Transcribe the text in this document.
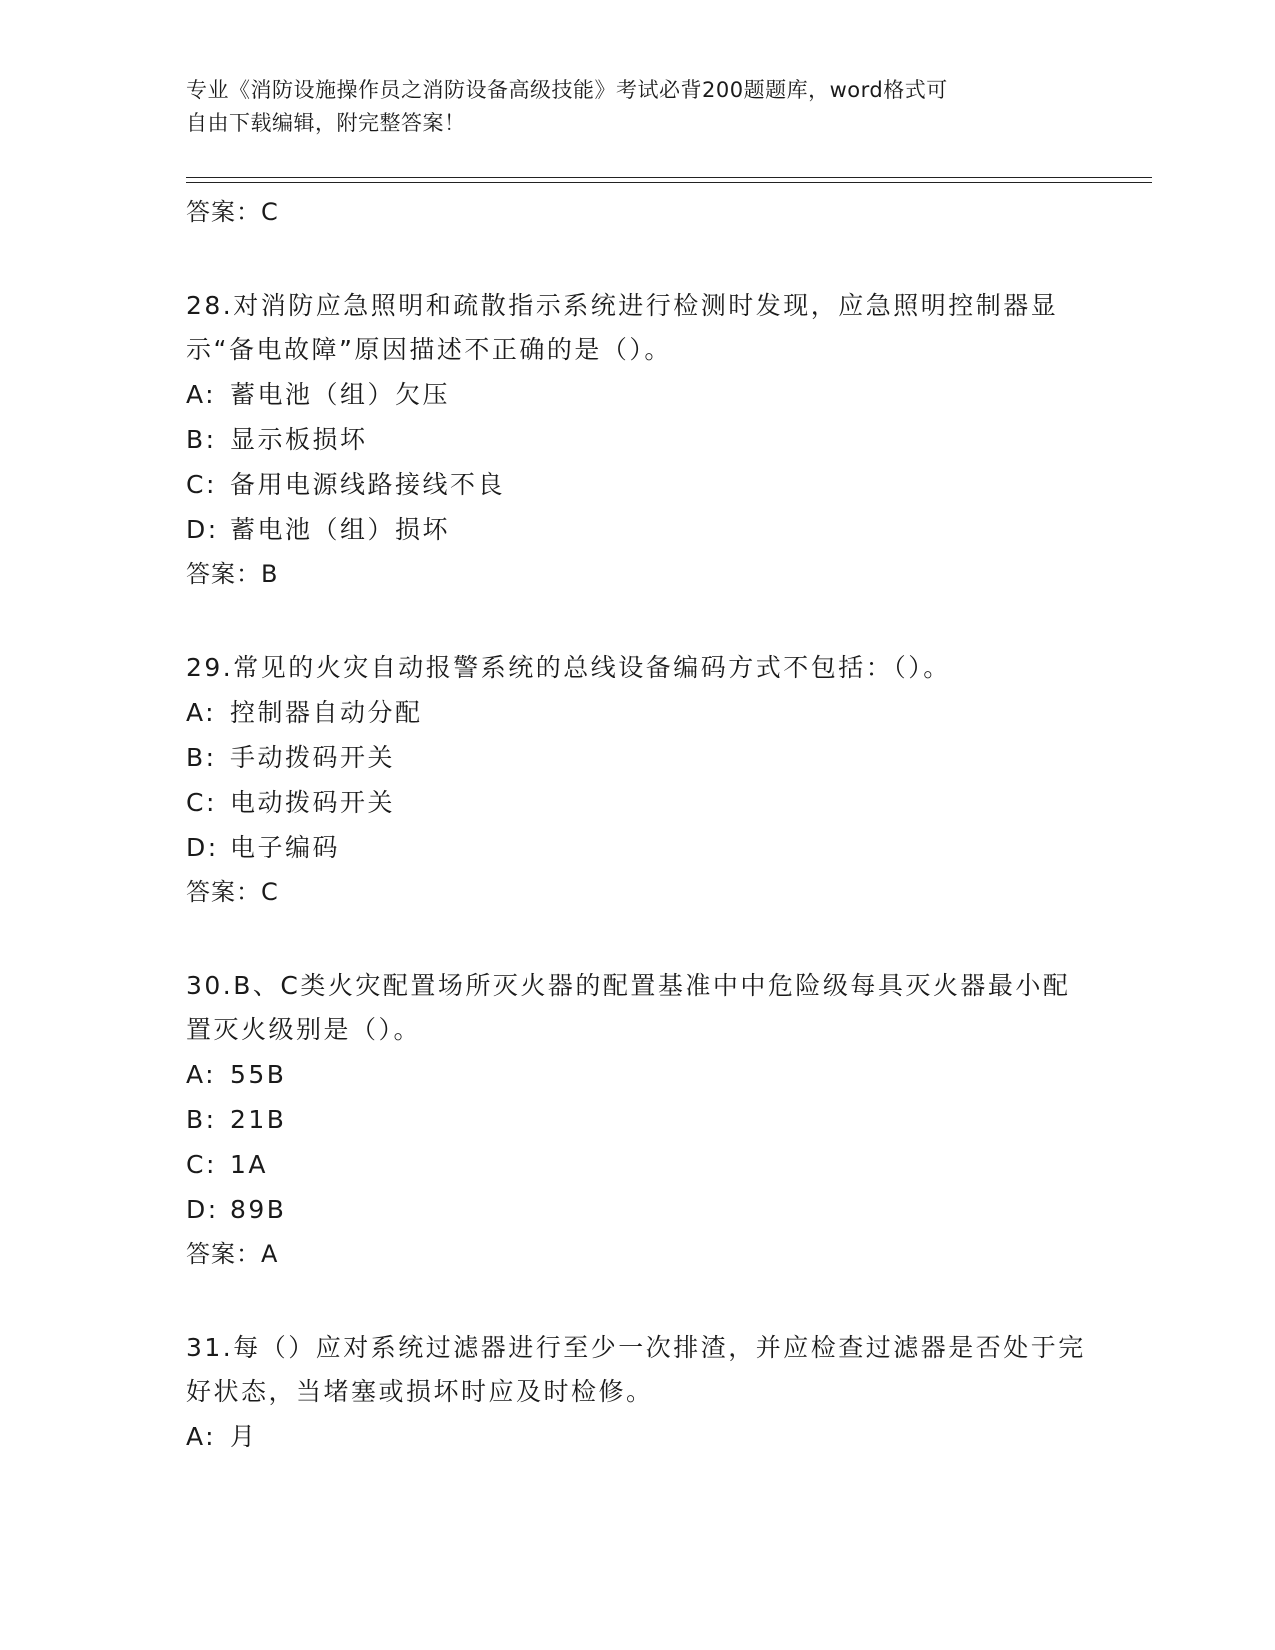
专业《消防设施操作员之消防设备高级技能》考试必背200题题库，word格式可
自由下载编辑，附完整答案！

答案：C

28.对消防应急照明和疏散指示系统进行检测时发现，应急照明控制器显示“备电故障”原因描述不正确的是（）。

A: 蓄电池（组）欠压

B: 显示板损坏

C: 备用电源线路接线不良

D: 蓄电池（组）损坏

答案：B

29.常见的火灾自动报警系统的总线设备编码方式不包括：（）。

A: 控制器自动分配

B: 手动拨码开关

C: 电动拨码开关

D: 电子编码

答案：C

30.B、C类火灾配置场所灭火器的配置基准中中危险级每具灭火器最小配置灭火级别是（）。

A: 55B

B: 21B

C: 1A

D: 89B

答案：A

31.每（）应对系统过滤器进行至少一次排渣，并应检查过滤器是否处于完好状态，当堵塞或损坏时应及时检修。

A: 月
